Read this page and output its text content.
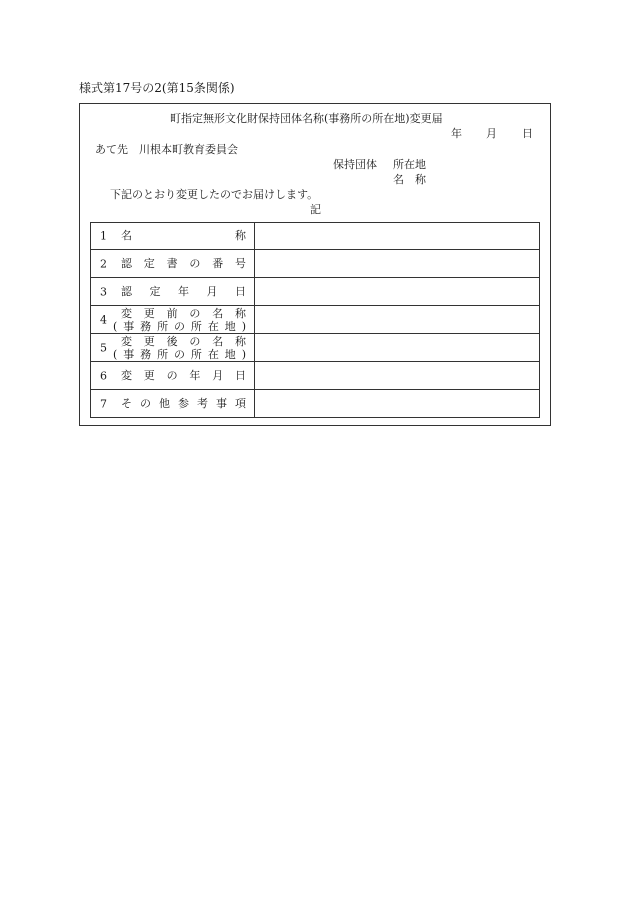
様式第17号の2(第15条関係)
町指定無形文化財保持団体名称(事務所の所在地)変更届
年 月 日
あて先　川根本町教育委員会
保持団体 所在地
名　称
下記のとおり変更したのでお届けします。
記
1 名　　　　　　　称	

2 認定書の番号	

3 認　定　年　月　日	

4 変更前の名称
(事務所の所在地)	

5 変更後の名称
(事務所の所在地)	

6 変更の年月日	

7 その他参考事項	
